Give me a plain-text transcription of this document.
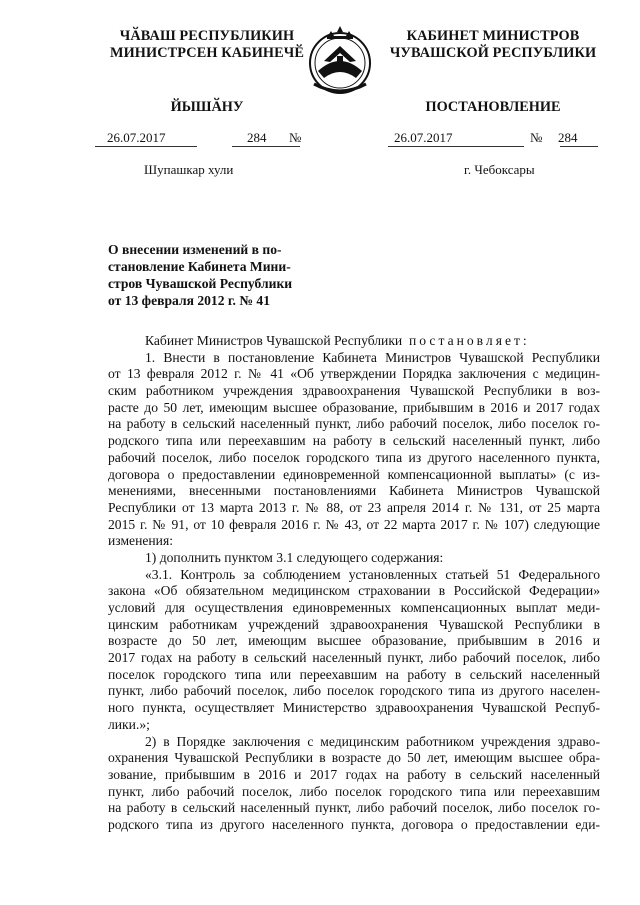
ЧӐВАШ РЕСПУБЛИКИН
МИНИСТРСЕН КАБИНЕЧӖ
ЙЫШӐНУ
КАБИНЕТ МИНИСТРОВ
ЧУВАШСКОЙ РЕСПУБЛИКИ
ПОСТАНОВЛЕНИЕ
26.07.2017	284 №	26.07.2017	№ 284
Шупашкар хули	г. Чебоксары
О внесении изменений в по-
становление Кабинета Мини-
стров Чувашской Республики
от 13 февраля 2012 г. № 41
Кабинет Министров Чувашской Республики постановляет:
1. Внести в постановление Кабинета Министров Чувашской Республики
от 13 февраля 2012 г. № 41 «Об утверждении Порядка заключения с медицин-
ским работником учреждения здравоохранения Чувашской Республики в воз-
расте до 50 лет, имеющим высшее образование, прибывшим в 2016 и 2017 годах
на работу в сельский населенный пункт, либо рабочий поселок, либо поселок го-
родского типа или переехавшим на работу в сельский населенный пункт, либо
рабочий поселок, либо поселок городского типа из другого населенного пункта,
договора о предоставлении единовременной компенсационной выплаты» (с из-
менениями, внесенными постановлениями Кабинета Министров Чувашской
Республики от 13 марта 2013 г. № 88, от 23 апреля 2014 г. № 131, от 25 марта
2015 г. № 91, от 10 февраля 2016 г. № 43, от 22 марта 2017 г. № 107) следующие
изменения:
1) дополнить пунктом 3.1 следующего содержания:
«3.1. Контроль за соблюдением установленных статьей 51 Федерального
закона «Об обязательном медицинском страховании в Российской Федерации»
условий для осуществления единовременных компенсационных выплат меди-
цинским работникам учреждений здравоохранения Чувашской Республики в
возрасте до 50 лет, имеющим высшее образование, прибывшим в 2016 и
2017 годах на работу в сельский населенный пункт, либо рабочий поселок, либо
поселок городского типа или переехавшим на работу в сельский населенный
пункт, либо рабочий поселок, либо поселок городского типа из другого населен-
ного пункта, осуществляет Министерство здравоохранения Чувашской Респуб-
лики.»;
2) в Порядке заключения с медицинским работником учреждения здраво-
охранения Чувашской Республики в возрасте до 50 лет, имеющим высшее обра-
зование, прибывшим в 2016 и 2017 годах на работу в сельский населенный
пункт, либо рабочий поселок, либо поселок городского типа или переехавшим
на работу в сельский населенный пункт, либо рабочий поселок, либо поселок го-
родского типа из другого населенного пункта, договора о предоставлении еди-
